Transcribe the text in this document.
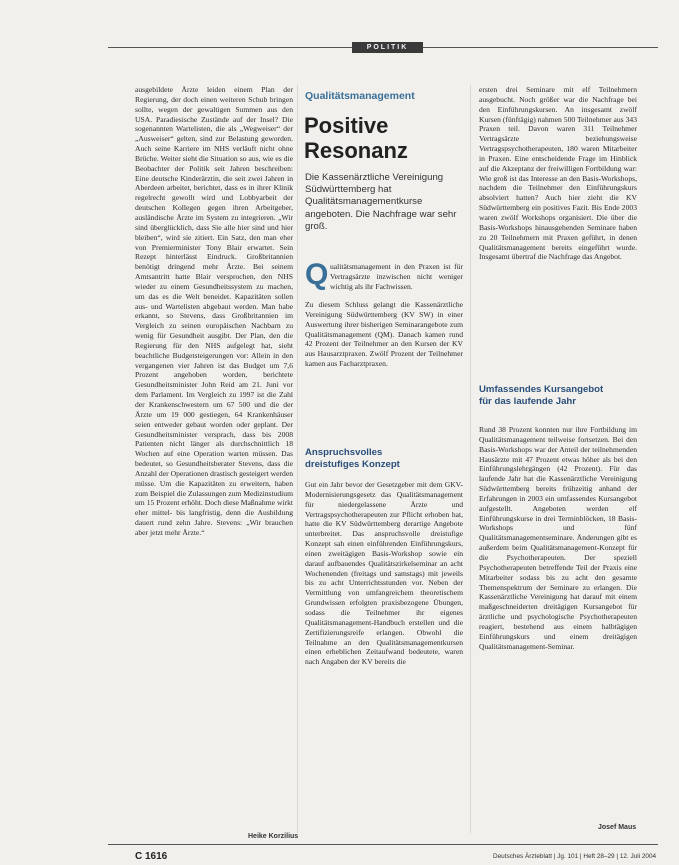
POLITIK
ausgebildete Ärzte leiden einem Plan der Regierung, der doch einen weiteren Schub bringen sollte, wegen der gewaltigen Summen aus den USA. Paradiesische Zustände auf der Insel? Die sogenannten Wartelisten, die als „Wegweiser“ der „Ausweiser“ gelten, sind zur Belastung geworden. Auch seine Karriere im NHS verläuft nicht ohne Brüche. Weiter sieht die Situation so aus, wie es die Beobachter der Politik seit Jahren beschreiben: Eine deutsche Kinderärztin, die seit zwei Jahren in Aberdeen arbeitet, berichtet, dass es in ihrer Klinik regelrecht gewollt wird und Lobbyarbeit der deutschen Kollegen gegen ihren Arbeitgeber, ausländische Ärzte im System zu integrieren. „Wir sind überglücklich, dass Sie alle hier sind und hier bleiben“, wird sie zitiert. Ein Satz, den man eher von Premierminister Tony Blair erwartet. Sein Rezept hinterlässt Eindruck. Großbritannien benötigt dringend mehr Ärzte. Bei seinem Amtsantritt hatte Blair versprochen, den NHS wieder zu einem Gesundheitssystem zu machen, um das es die Welt beneidet. Kapazitäten sollen aus- und Wartelisten abgebaut werden. Man habe erkannt, so Stevens, dass Großbritannien im Vergleich zu seinen europäischen Nachbarn zu wenig für Gesundheit ausgibt. Der Plan, den die Regierung für den NHS aufgelegt hat, sieht beachtliche Budgetsteigerungen vor: Allein in den vergangenen vier Jahren ist das Budget um 7,6 Prozent angehoben worden, berichtete Gesundheitsminister John Reid am 21. Juni vor dem Parlament. Im Vergleich zu 1997 ist die Zahl der Krankenschwestern um 67 500 und die der Ärzte um 19 000 gestiegen, 64 Krankenhäuser seien entweder gebaut worden oder geplant. Der Gesundheitsminister versprach, dass bis 2008 Patienten nicht länger als durchschnittlich 18 Wochen auf eine Operation warten müssen. Das bedeutet, so Gesundheitsberater Stevens, dass die Anzahl der Operationen drastisch gesteigert werden müsse. Um die Kapazitäten zu erweitern, haben zum Beispiel die Zulassungen zum Medizinstudium um 15 Prozent erhöht. Doch diese Maßnahme wirkt eher mittel- bis langfristig, denn die Ausbildung dauert rund zehn Jahre. Stevens: „Wir brauchen aber jetzt mehr Ärzte.“
Heike Korzilius
Qualitätsmanagement
Positive
Resonanz
Die Kassenärztliche Vereinigung Südwürttemberg hat Qualitätsmanagementkurse angeboten. Die Nachfrage war sehr groß.
Q ualitätsmanagement in den Praxen ist für Vertragsärzte inzwischen nicht weniger wichtig als ihr Fachwissen.
Zu diesem Schluss gelangt die Kassenärztliche Vereinigung Südwürttemberg (KV SW) in einer Auswertung ihrer bisherigen Seminarangebote zum Qualitätsmanagement (QM). Danach kamen rund 42 Prozent der Teilnehmer an den Kursen der KV aus Hausarztpraxen. Zwölf Prozent der Teilnehmer kamen aus Facharztpraxen.
Anspruchsvolles
dreistufiges Konzept
Gut ein Jahr bevor der Gesetzgeber mit dem GKV-Modernisierungsgesetz das Qualitätsmanagement für niedergelassene Ärzte und Vertragspsychotherapeuten zur Pflicht erhoben hat, hatte die KV Südwürttemberg derartige Angebote unterbreitet. Das anspruchsvolle dreistufige Konzept sah einen einführenden Einführungskurs, einen zweitägigen Basis-Workshop sowie ein darauf aufbauendes Qualitätszirkelseminar an acht Wochenenden (freitags und samstags) mit jeweils bis zu acht Unterrichtsstunden vor. Neben der Vermittlung von umfangreichem theoretischem Grundwissen erfolgten praxisbezogene Übungen, sodass die Teilnehmer ihr eigenes Qualitätsmanagement-Handbuch erstellen und die Zertifizierungsreife erlangen. Obwohl die Teilnahme an den Qualitätsmanagementkursen einen erheblichen Zeitaufwand bedeutete, waren nach Angaben der KV bereits die
ersten drei Seminare mit elf Teilnehmern ausgebucht. Noch größer war die Nachfrage bei den Einführungskursen. An insgesamt zwölf Kursen (fünftägig) nahmen 500 Teilnehmer aus 343 Praxen teil. Davon waren 311 Teilnehmer Vertragsärzte beziehungsweise Vertragspsychotherapeuten, 180 waren Mitarbeiter in Praxen. Eine entscheidende Frage im Hinblick auf die Akzeptanz der freiwilligen Fortbildung war: Wie groß ist das Interesse an den Basis-Workshops, nachdem die Teilnehmer den Einführungskurs absolviert hatten? Auch hier zieht die KV Südwürttemberg ein positives Fazit. Bis Ende 2003 waren zwölf Workshops organisiert. Die über die Basis-Workshops hinausgehenden Seminare haben zu 20 Teilnehmern mit Praxen geführt, in denen Qualitätsmanagement bereits eingeführt wurde. Insgesamt übertraf die Nachfrage das Angebot.
Umfassendes Kursangebot
für das laufende Jahr
Rund 38 Prozent konnten nur ihre Fortbildung im Qualitätsmanagement teilweise fortsetzen. Bei den Basis-Workshops war der Anteil der teilnehmenden Hausärzte mit 47 Prozent etwas höher als bei den Einführungslehrgängen (42 Prozent). Für das laufende Jahr hat die Kassenärztliche Vereinigung Südwürttemberg bereits frühzeitig anhand der Erfahrungen in 2003 ein umfassendes Kursangebot aufgestellt. Angeboten werden elf Einführungskurse in drei Terminblöcken, 18 Basis-Workshops und fünf Qualitätsmanagementseminare. Änderungen gibt es außerdem beim Qualitätsmanagement-Konzept für die Psychotherapeuten. Der speziell Psychotherapeuten betreffende Teil der Praxis eine Mitarbeiter sodass bis zu acht den gesamte Themenspektrum der Seminare zu erlangen. Die Kassenärztliche Vereinigung hat darauf mit einem maßgeschneiderten dreitägigen Kursangebot für ärztliche und psychologische Psychotherapeuten reagiert, bestehend aus einem halbtägigen Einführungskurs und einem dreitägigen Qualitätsmanagement-Seminar.
Josef Maus
C 1616	Deutsches Ärzteblatt | Jg. 101 | Heft 28–29 | 12. Juli 2004
